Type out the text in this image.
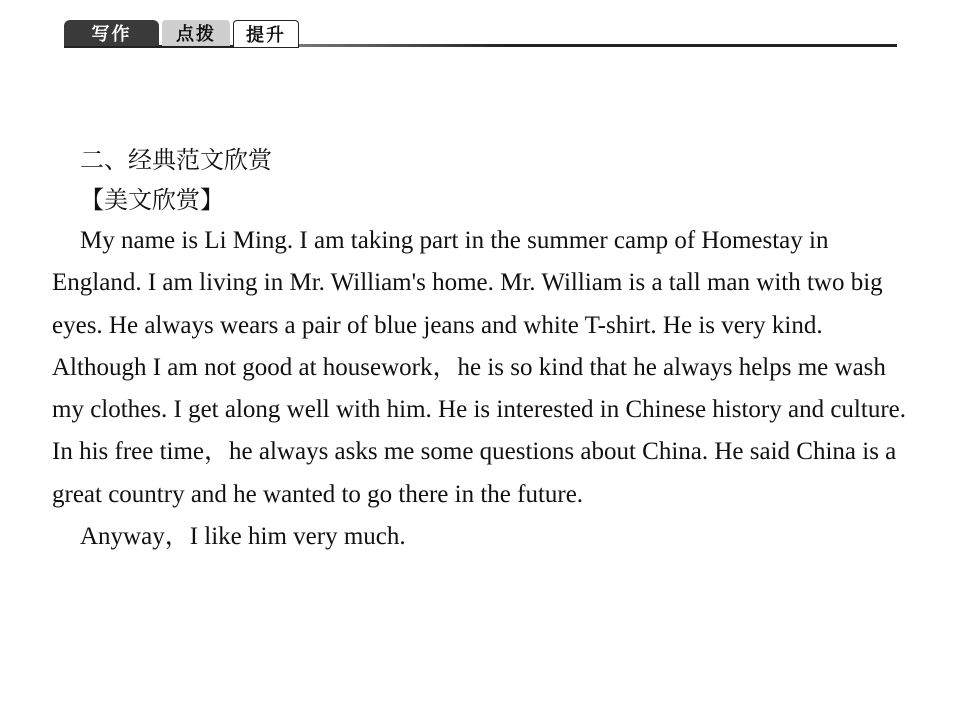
写作	点拨	提升

二、经典范文欣赏

【美文欣赏】

My name is Li Ming. I am taking part in the summer camp of Homestay in England. I am living in Mr. William's home. Mr. William is a tall man with two big eyes. He always wears a pair of blue jeans and white T-shirt. He is very kind. Although I am not good at housework，he is so kind that he always helps me wash my clothes. I get along well with him. He is interested in Chinese history and culture. In his free time，he always asks me some questions about China. He said China is a great country and he wanted to go there in the future.

Anyway，I like him very much.
